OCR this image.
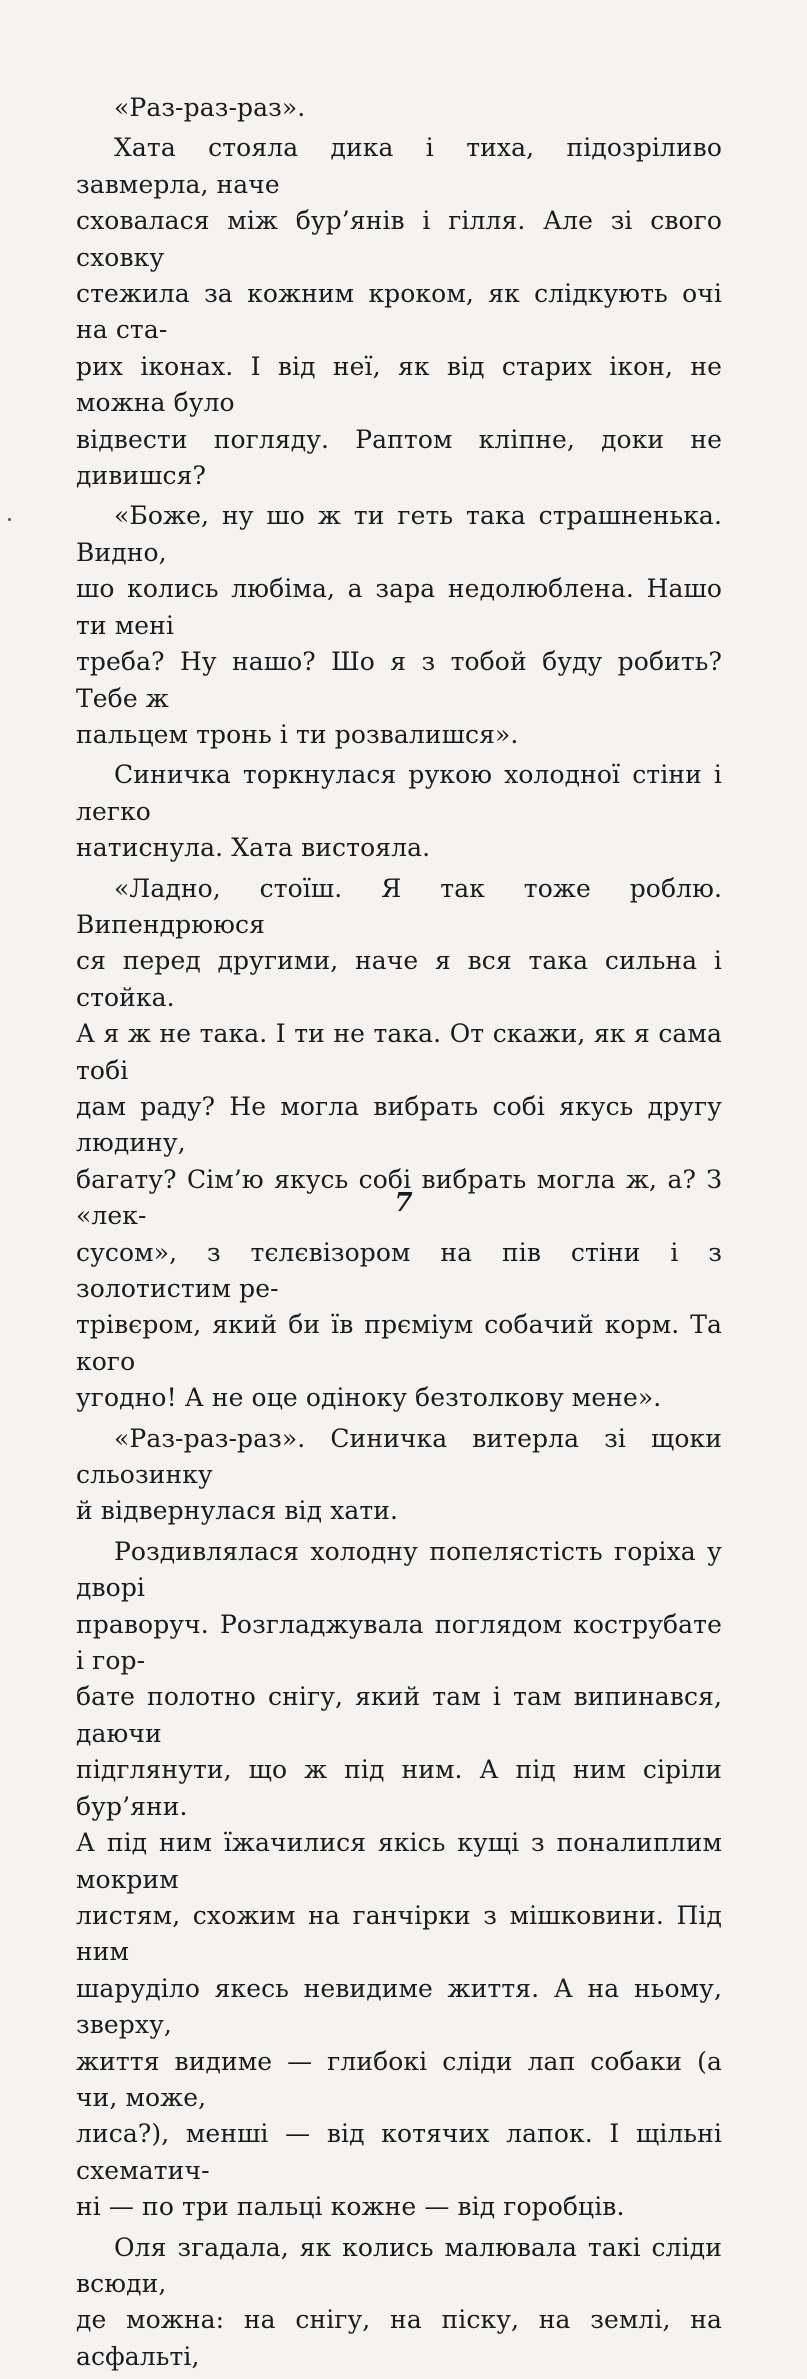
«Раз-раз-раз».

Хата стояла дика і тиха, підозріливо завмерла, наче
сховалася між бур’янів і гілля. Але зі свого сховку
стежила за кожним кроком, як слідкують очі на ста-
рих іконах. І від неї, як від старих ікон, не можна було
відвести погляду. Раптом кліпне, доки не дивишся?

«Боже, ну шо ж ти геть така страшненька. Видно,
шо колись любіма, а зара недолюблена. Нашо ти мені
треба? Ну нашо? Шо я з тобой буду робить? Тебе ж
пальцем тронь і ти розвалишся».

Синичка торкнулася рукою холодної стіни і легко
натиснула. Хата вистояла.

«Ладно, стоїш. Я так тоже роблю. Випендрююся
ся перед другими, наче я вся така сильна і стойка.
А я ж не така. І ти не така. От скажи, як я сама тобі
дам раду? Не могла вибрать собі якусь другу людину,
багату? Сім’ю якусь собі вибрать могла ж, а? З «лек-
сусом», з тєлєвізором на пів стіни і з золотистим ре-
трівєром, який би їв прєміум собачий корм. Та кого
угодно! А не оце одіноку безтолкову мене».

«Раз-раз-раз». Синичка витерла зі щоки сльозинку
й відвернулася від хати.

Роздивлялася холодну попелястість горіха у дворі
праворуч. Розгладжувала поглядом кострубате і гор-
бате полотно снігу, який там і там випинався, даючи
підглянути, що ж під ним. А під ним сіріли бур’яни.
А під ним їжачилися якісь кущі з поналиплим мокрим
листям, схожим на ганчірки з мішковини. Під ним
шаруділо якесь невидиме життя. А на ньому, зверху,
життя видиме — глибокі сліди лап собаки (а чи, може,
лиса?), менші — від котячих лапок. І щільні схематич-
ні — по три пальці кожне — від горобців.

Оля згадала, як колись малювала такі сліди всюди,
де можна: на снігу, на піску, на землі, на асфальті,

7
